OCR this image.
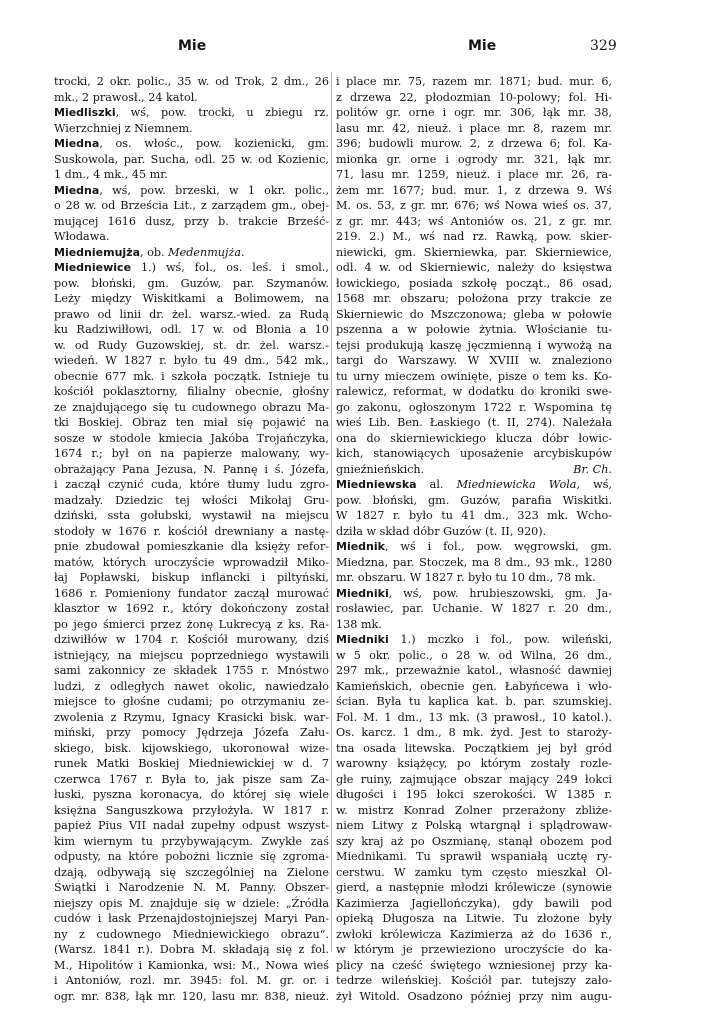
Mie	Mie	329
trocki, 2 okr. polic., 35 w. od Trok, 2 dm., 26
mk., 2 prawosł., 24 katol.
Miedliszki, wś, pow. trocki, u zbiegu rz.
Wierzchniej z Niemnem.
Miedna, os. włośc., pow. kozienicki, gm.
Suskowola, par. Sucha, odl. 25 w. od Kozienic,
1 dm., 4 mk., 45 mr.
Miedna, wś, pow. brzeski, w 1 okr. polic.,
o 28 w. od Brześcia Lit., z zarządem gm., obej-
mującej 1616 dusz, przy b. trakcie Brześć-
Włodawa.
Miedniemujża, ob. Medenmujża.
Miedniewice 1.) wś, fol., os. leś. i smol.,
pow. błoński, gm. Guzów, par. Szymanów.
Leży między Wiskitkami a Bolimowem, na
prawo od linii dr. żel. warsz.-wied. za Rudą
ku Radziwiłłowi, odl. 17 w. od Błonia a 10
w. od Rudy Guzowskiej, st. dr. żel. warsz.-
wiedeń. W 1827 r. było tu 49 dm., 542 mk.,
obecnie 677 mk. i szkoła początk. Istnieje tu
kościół poklasztorny, filialny obecnie, głośny
ze znajdującego się tu cudownego obrazu Ma-
tki Boskiej. Obraz ten miał się pojawić na
sosze w stodole kmiecia Jakóba Trojańczyka,
1674 r.; był on na papierze malowany, wy-
obrażający Pana Jezusa, N. Pannę i ś. Józefa,
i zaczął czynić cuda, które tłumy ludu zgro-
madzały. Dziedzic tej włości Mikołaj Gru-
dziński, sstа gołubski, wystawił na miejscu
stodoły w 1676 r. kościół drewniany a nastę-
pnie zbudował pomieszkanie dla księży refor-
matów, których uroczyście wprowadził Miko-
łaj Popławski, biskup inflancki i piltyński,
1686 r. Pomieniony fundator zaczął murować
klasztor w 1692 r., który dokończony został
po jego śmierci przez żonę Lukrecyą z ks. Ra-
dziwiłłów w 1704 r. Kościół murowany, dziś
istniejący, na miejscu poprzedniego wystawili
sami zakonnicy ze składek 1755 r. Mnóstwo
ludzi, z odległych nawet okolic, nawiedzało
miejsce to głośne cudami; po otrzymaniu ze-
zwolenia z Rzymu, Ignacy Krasicki bisk. war-
miński, przy pomocy Jędrzeja Józefa Zału-
skiego, bisk. kijowskiego, ukoronował wize-
runek Matki Boskiej Miedniewickiej w d. 7
czerwca 1767 r. Była to, jak pisze sam Za-
łuski, pyszna koronacya, do której się wiele
księżna Sanguszkowa przyłożyła. W 1817 r.
papież Pius VII nadał zupełny odpust wszyst-
kim wiernym tu przybywającym. Zwykłe zaś
odpusty, na które pobożni licznie się zgroma-
dzają, odbywają się szczególniej na Zielone
Świątki i Narodzenie N. M. Panny. Obszer-
niejszy opis M. znajduje się w dziele: „Źródła
cudów i łask Przenajdostojniejszej Maryi Pan-
ny z cudownego Miedniewickiego obrazu“.
(Warsz. 1841 r.). Dobra M. składają się z fol.
M., Hipolitów i Kamionka, wsi: M., Nowa wieś
i Antoniów, rozl. mr. 3945: fol. M. gr. or. i
ogr. mr. 838, łąk mr. 120, lasu mr. 838, nieuż.
i place mr. 75, razem mr. 1871; bud. mur. 6,
z drzewa 22, płodozmian 10-polowy; fol. Hi-
politów gr. orne i ogr. mr. 306, łąk mr. 38,
lasu mr. 42, nieuż. i place mr. 8, razem mr.
396; budowli murow. 2, z drzewa 6; fol. Ka-
mionka gr. orne i ogrody mr. 321, łąk mr.
71, lasu mr. 1259, nieuż. i place mr. 26, ra-
żem mr. 1677; bud. mur. 1, z drzewa 9. Wś
M. os. 53, z gr. mr. 676; wś Nowa wieś os. 37,
z gr. mr. 443; wś Antoniów os. 21, z gr. mr.
219. 2.) M., wś nad rz. Rawką, pow. skier-
niewicki, gm. Skierniewka, par. Skierniewice,
odl. 4 w. od Skierniewic, należy do księstwa
łowickiego, posiada szkołę począt., 86 osad,
1568 mr. obszaru; położona przy trakcie ze
Skierniewic do Mszczonowa; gleba w połowie
pszenna a w połowie żytnia. Włościanie tu-
tejsi produkują kaszę jęczmienną i wywożą na
targi do Warszawy. W XVIII w. znaleziono
tu urny mieczem owinięte, pisze o tem ks. Ko-
ralewicz, reformat, w dodatku do kroniki swe-
go zakonu, ogłoszonym 1722 r. Wspomina tę
wieś Lib. Ben. Łaskiego (t. II, 274). Należała
ona do skierniewickiego klucza dóbr łowic-
kich, stanowiących uposażenie arcybiskupów
gnieźnieńskich.	Br. Ch.
Miedniewska al. Miedniewicka Wola, wś,
pow. błoński, gm. Guzów, parafia Wiskitki.
W 1827 r. było tu 41 dm., 323 mk. Wcho-
dziła w skład dóbr Guzów (t. II, 920).
Miednik, wś i fol., pow. węgrowski, gm.
Miedzna, par. Stoczek, ma 8 dm., 93 mk., 1280
mr. obszaru. W 1827 r. było tu 10 dm., 78 mk.
Miedniki, wś, pow. hrubieszowski, gm. Ja-
rosławiec, par. Uchanie. W 1827 r. 20 dm.,
138 mk.
Miedniki 1.) mczko i fol., pow. wileński,
w 5 okr. polic., o 28 w. od Wilna, 26 dm.,
297 mk., przeważnie katol., własność dawniej
Kamieńskich, obecnie gen. Łabyńcewa i wło-
ścian. Była tu kaplica kat. b. par. szumskiej.
Fol. M. 1 dm., 13 mk. (3 prawosł., 10 katol.).
Os. karcz. 1 dm., 8 mk. żyd. Jest to starożу-
tna osada litewska. Początkiem jej był gród
warowny książęcy, po którym zostały rozle-
głe ruiny, zajmujące obszar mający 249 łokci
długości i 195 łokci szerokości. W 1385 r.
w. mistrz Konrad Zolner przerażony zbliże-
niem Litwy z Polską wtargnął i splądrowaw-
szy kraj aż po Oszmianę, stanął obozem pod
Miednikami. Tu sprawił wspaniałą ucztę ry-
cerstwu. W zamku tym często mieszkał Ol-
gierd, a następnie młodzi królewicze (synowie
Kazimierza Jagiellończyka), gdy bawili pod
opieką Długosza na Litwie. Tu złożone były
zwłoki królewicza Kazimierza aż do 1636 r.,
w którym je przewieziono uroczyście do ka-
plicy na cześć świętego wzniesionej przy ka-
tedrze wileńskiej. Kościół par. tutejszy zało-
żył Witold. Osadzono później przy nim augu-
